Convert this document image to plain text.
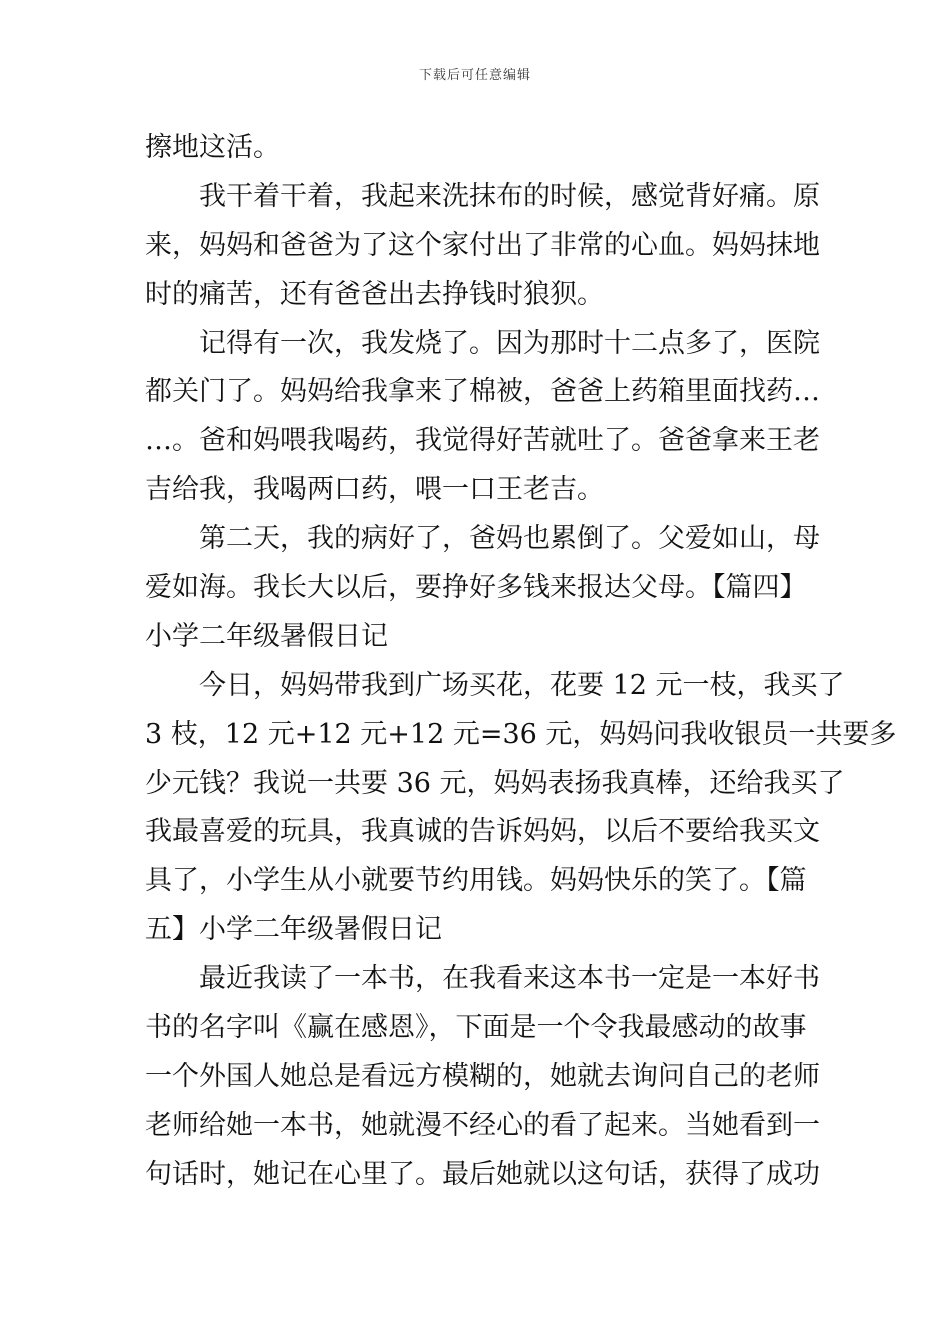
下载后可任意编辑
擦地这活。
我干着干着，我起来洗抹布的时候，感觉背好痛。原
来，妈妈和爸爸为了这个家付出了非常的心血。妈妈抹地
时的痛苦，还有爸爸出去挣钱时狼狈。
记得有一次，我发烧了。因为那时十二点多了，医院
都关门了。妈妈给我拿来了棉被，爸爸上药箱里面找药…
…。爸和妈喂我喝药，我觉得好苦就吐了。爸爸拿来王老
吉给我，我喝两口药，喂一口王老吉。
第二天，我的病好了，爸妈也累倒了。父爱如山，母
爱如海。我长大以后，要挣好多钱来报达父母。【篇四】
小学二年级暑假日记
今日，妈妈带我到广场买花，花要 12 元一枝，我买了
3 枝，12 元+12 元+12 元=36 元，妈妈问我收银员一共要多
少元钱？我说一共要 36 元，妈妈表扬我真棒，还给我买了
我最喜爱的玩具，我真诚的告诉妈妈，以后不要给我买文
具了，小学生从小就要节约用钱。妈妈快乐的笑了。【篇
五】小学二年级暑假日记
最近我读了一本书，在我看来这本书一定是一本好书
书的名字叫《赢在感恩》，下面是一个令我最感动的故事
一个外国人她总是看远方模糊的，她就去询问自己的老师
老师给她一本书，她就漫不经心的看了起来。当她看到一
句话时，她记在心里了。最后她就以这句话，获得了成功
